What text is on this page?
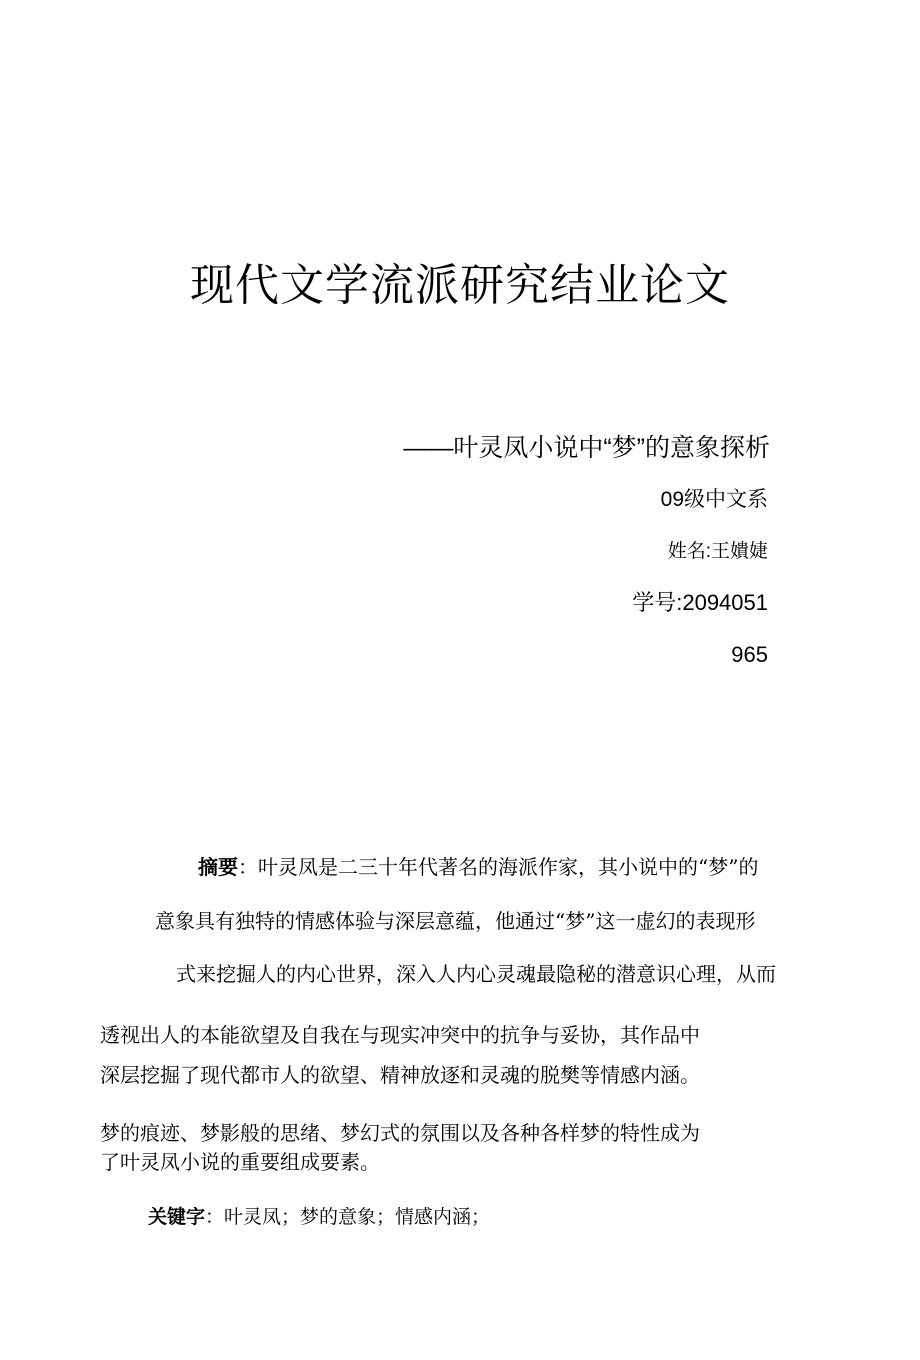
现代文学流派研究结业论文
——叶灵凤小说中“梦”的意象探析
09级中文系
姓名:王嬇婕
学号:2094051
965
摘要：叶灵凤是二三十年代著名的海派作家，其小说中的“梦”的
意象具有独特的情感体验与深层意蕴，他通过“梦”这一虚幻的表现形
式来挖掘人的内心世界，深入人内心灵魂最隐秘的潜意识心理，从而
透视出人的本能欲望及自我在与现实冲突中的抗争与妥协，其作品中
深层挖掘了现代都市人的欲望、精神放逐和灵魂的脱樊等情感内涵。
梦的痕迹、梦影般的思绪、梦幻式的氛围以及各种各样梦的特性成为
了叶灵凤小说的重要组成要素。
关键字：叶灵凤；梦的意象；情感内涵；
